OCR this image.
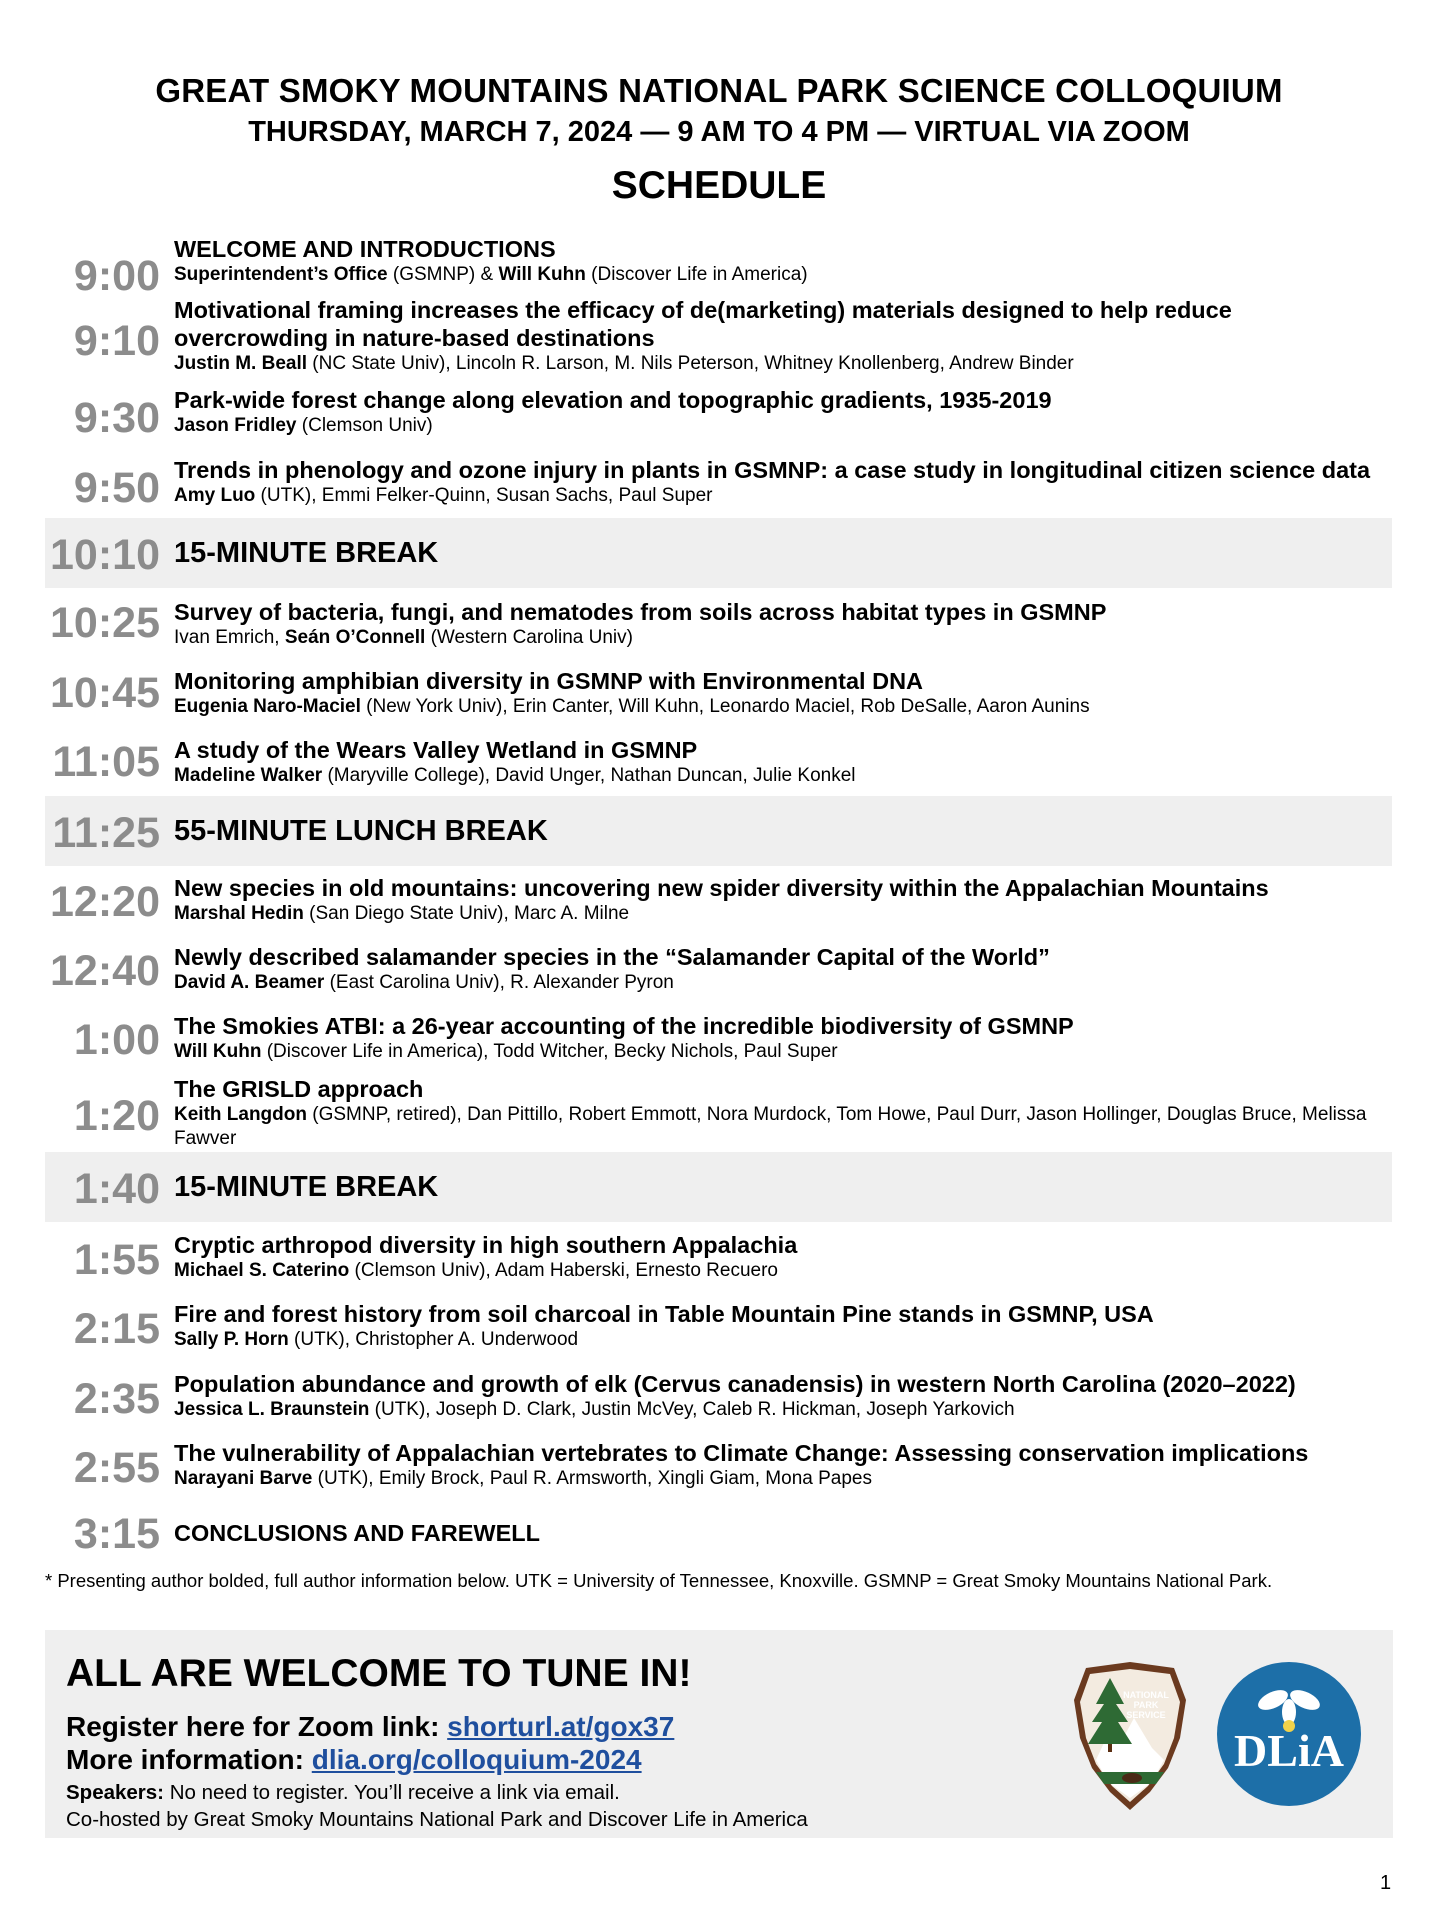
GREAT SMOKY MOUNTAINS NATIONAL PARK SCIENCE COLLOQUIUM
THURSDAY, MARCH 7, 2024 — 9 AM TO 4 PM — VIRTUAL VIA ZOOM
SCHEDULE
9:00
WELCOME AND INTRODUCTIONS
Superintendent’s Office (GSMNP) & Will Kuhn (Discover Life in America)
9:10
Motivational framing increases the efficacy of de(marketing) materials designed to help reduce overcrowding in nature-based destinations
Justin M. Beall (NC State Univ), Lincoln R. Larson, M. Nils Peterson, Whitney Knollenberg, Andrew Binder
9:30 Park-wide forest change along elevation and topographic gradients, 1935-2019
Jason Fridley (Clemson Univ)
9:50 Trends in phenology and ozone injury in plants in GSMNP: a case study in longitudinal citizen science data
Amy Luo (UTK), Emmi Felker-Quinn, Susan Sachs, Paul Super
10:10 15-MINUTE BREAK
10:25 Survey of bacteria, fungi, and nematodes from soils across habitat types in GSMNP
Ivan Emrich, Seán O’Connell (Western Carolina Univ)
10:45 Monitoring amphibian diversity in GSMNP with Environmental DNA
Eugenia Naro-Maciel (New York Univ), Erin Canter, Will Kuhn, Leonardo Maciel, Rob DeSalle, Aaron Aunins
11:05 A study of the Wears Valley Wetland in GSMNP
Madeline Walker (Maryville College), David Unger, Nathan Duncan, Julie Konkel
11:25 55-MINUTE LUNCH BREAK
12:20 New species in old mountains: uncovering new spider diversity within the Appalachian Mountains
Marshal Hedin (San Diego State Univ), Marc A. Milne
12:40 Newly described salamander species in the “Salamander Capital of the World”
David A. Beamer (East Carolina Univ), R. Alexander Pyron
1:00 The Smokies ATBI: a 26-year accounting of the incredible biodiversity of GSMNP
Will Kuhn (Discover Life in America), Todd Witcher, Becky Nichols, Paul Super
1:20
The GRISLD approach
Keith Langdon (GSMNP, retired), Dan Pittillo, Robert Emmott, Nora Murdock, Tom Howe, Paul Durr, Jason Hollinger, Douglas Bruce, Melissa Fawver
1:40 15-MINUTE BREAK
1:55 Cryptic arthropod diversity in high southern Appalachia
Michael S. Caterino (Clemson Univ), Adam Haberski, Ernesto Recuero
2:15 Fire and forest history from soil charcoal in Table Mountain Pine stands in GSMNP, USA
Sally P. Horn (UTK), Christopher A. Underwood
2:35 Population abundance and growth of elk (Cervus canadensis) in western North Carolina (2020–2022)
Jessica L. Braunstein (UTK), Joseph D. Clark, Justin McVey, Caleb R. Hickman, Joseph Yarkovich
2:55 The vulnerability of Appalachian vertebrates to Climate Change: Assessing conservation implications
Narayani Barve (UTK), Emily Brock, Paul R. Armsworth, Xingli Giam, Mona Papes
3:15 CONCLUSIONS AND FAREWELL
* Presenting author bolded, full author information below. UTK = University of Tennessee, Knoxville. GSMNP = Great Smoky Mountains National Park.
ALL ARE WELCOME TO TUNE IN!
Register here for Zoom link: shorturl.at/gox37
More information: dlia.org/colloquium-2024
Speakers: No need to register. You’ll receive a link via email.
Co-hosted by Great Smoky Mountains National Park and Discover Life in America
NATIONAL
PARK
SERVICE
DLiA
1
